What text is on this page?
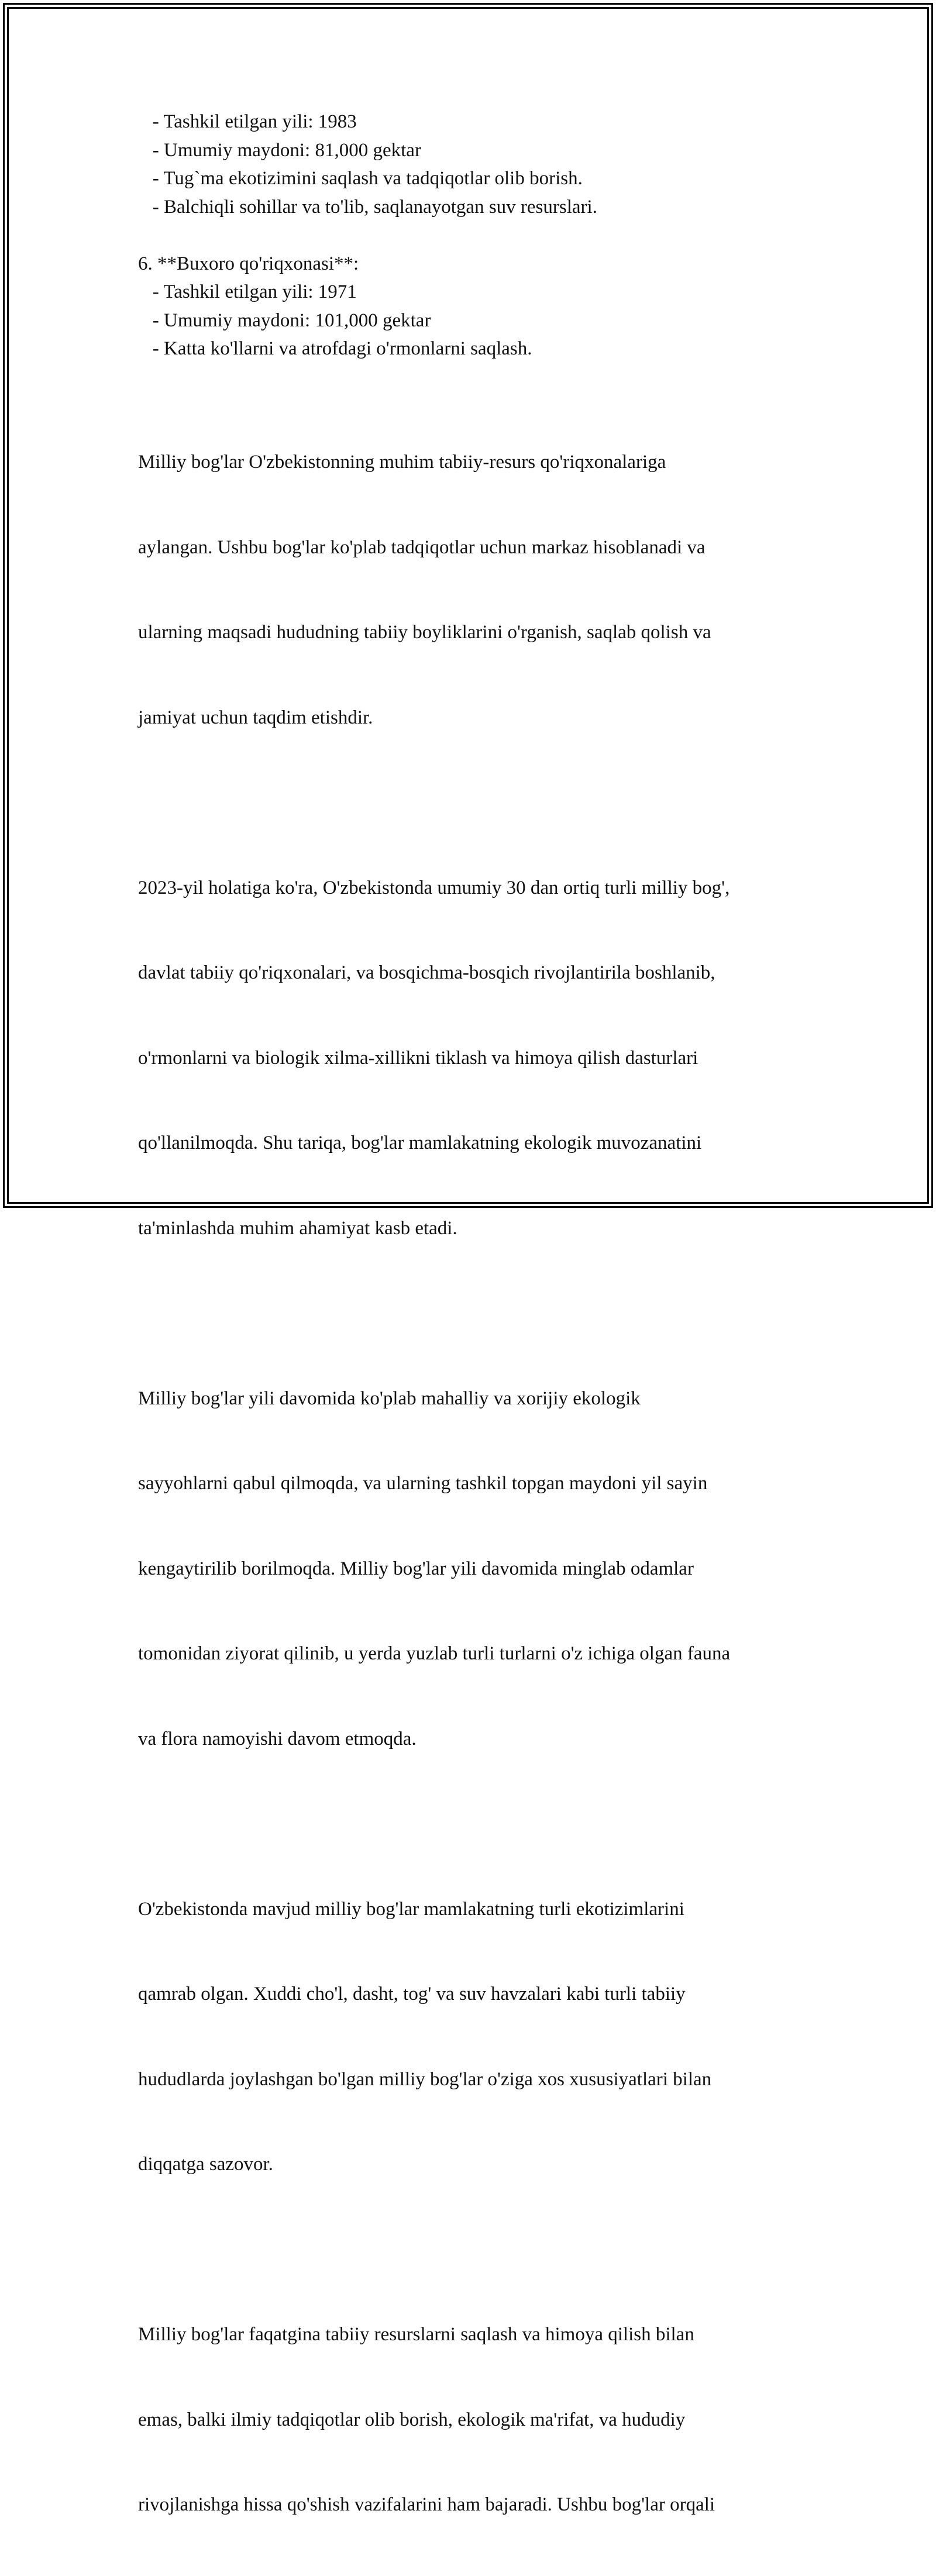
- Tashkil etilgan yili: 1983
- Umumiy maydoni: 81,000 gektar
- Tug`ma ekotizimini saqlash va tadqiqotlar olib borish.
- Balchiqli sohillar va to'lib, saqlanayotgan suv resurslari.
6. **Buxoro qo'riqxonasi**:
- Tashkil etilgan yili: 1971
- Umumiy maydoni: 101,000 gektar
- Katta ko'llarni va atrofdagi o'rmonlarni saqlash.

Milliy bog'lar O'zbekistonning muhim tabiiy-resurs qo'riqxonalariga

aylangan. Ushbu bog'lar ko'plab tadqiqotlar uchun markaz hisoblanadi va

ularning maqsadi hududning tabiiy boyliklarini o'rganish, saqlab qolish va

jamiyat uchun taqdim etishdir.

2023-yil holatiga ko'ra, O'zbekistonda umumiy 30 dan ortiq turli milliy bog',

davlat tabiiy qo'riqxonalari, va bosqichma-bosqich rivojlantirila boshlanib,

o'rmonlarni va biologik xilma-xillikni tiklash va himoya qilish dasturlari

qo'llanilmoqda. Shu tariqa, bog'lar mamlakatning ekologik muvozanatini

ta'minlashda muhim ahamiyat kasb etadi.

Milliy bog'lar yili davomida ko'plab mahalliy va xorijiy ekologik

sayyohlarni qabul qilmoqda, va ularning tashkil topgan maydoni yil sayin

kengaytirilib borilmoqda. Milliy bog'lar yili davomida minglab odamlar

tomonidan ziyorat qilinib, u yerda yuzlab turli turlarni o'z ichiga olgan fauna

va flora namoyishi davom etmoqda.

O'zbekistonda mavjud milliy bog'lar mamlakatning turli ekotizimlarini

qamrab olgan. Xuddi cho'l, dasht, tog' va suv havzalari kabi turli tabiiy

hududlarda joylashgan bo'lgan milliy bog'lar o'ziga xos xususiyatlari bilan

diqqatga sazovor.

Milliy bog'lar faqatgina tabiiy resurslarni saqlash va himoya qilish bilan

emas, balki ilmiy tadqiqotlar olib borish, ekologik ma'rifat, va hududiy

rivojlanishga hissa qo'shish vazifalarini ham bajaradi. Ushbu bog'lar orqali
